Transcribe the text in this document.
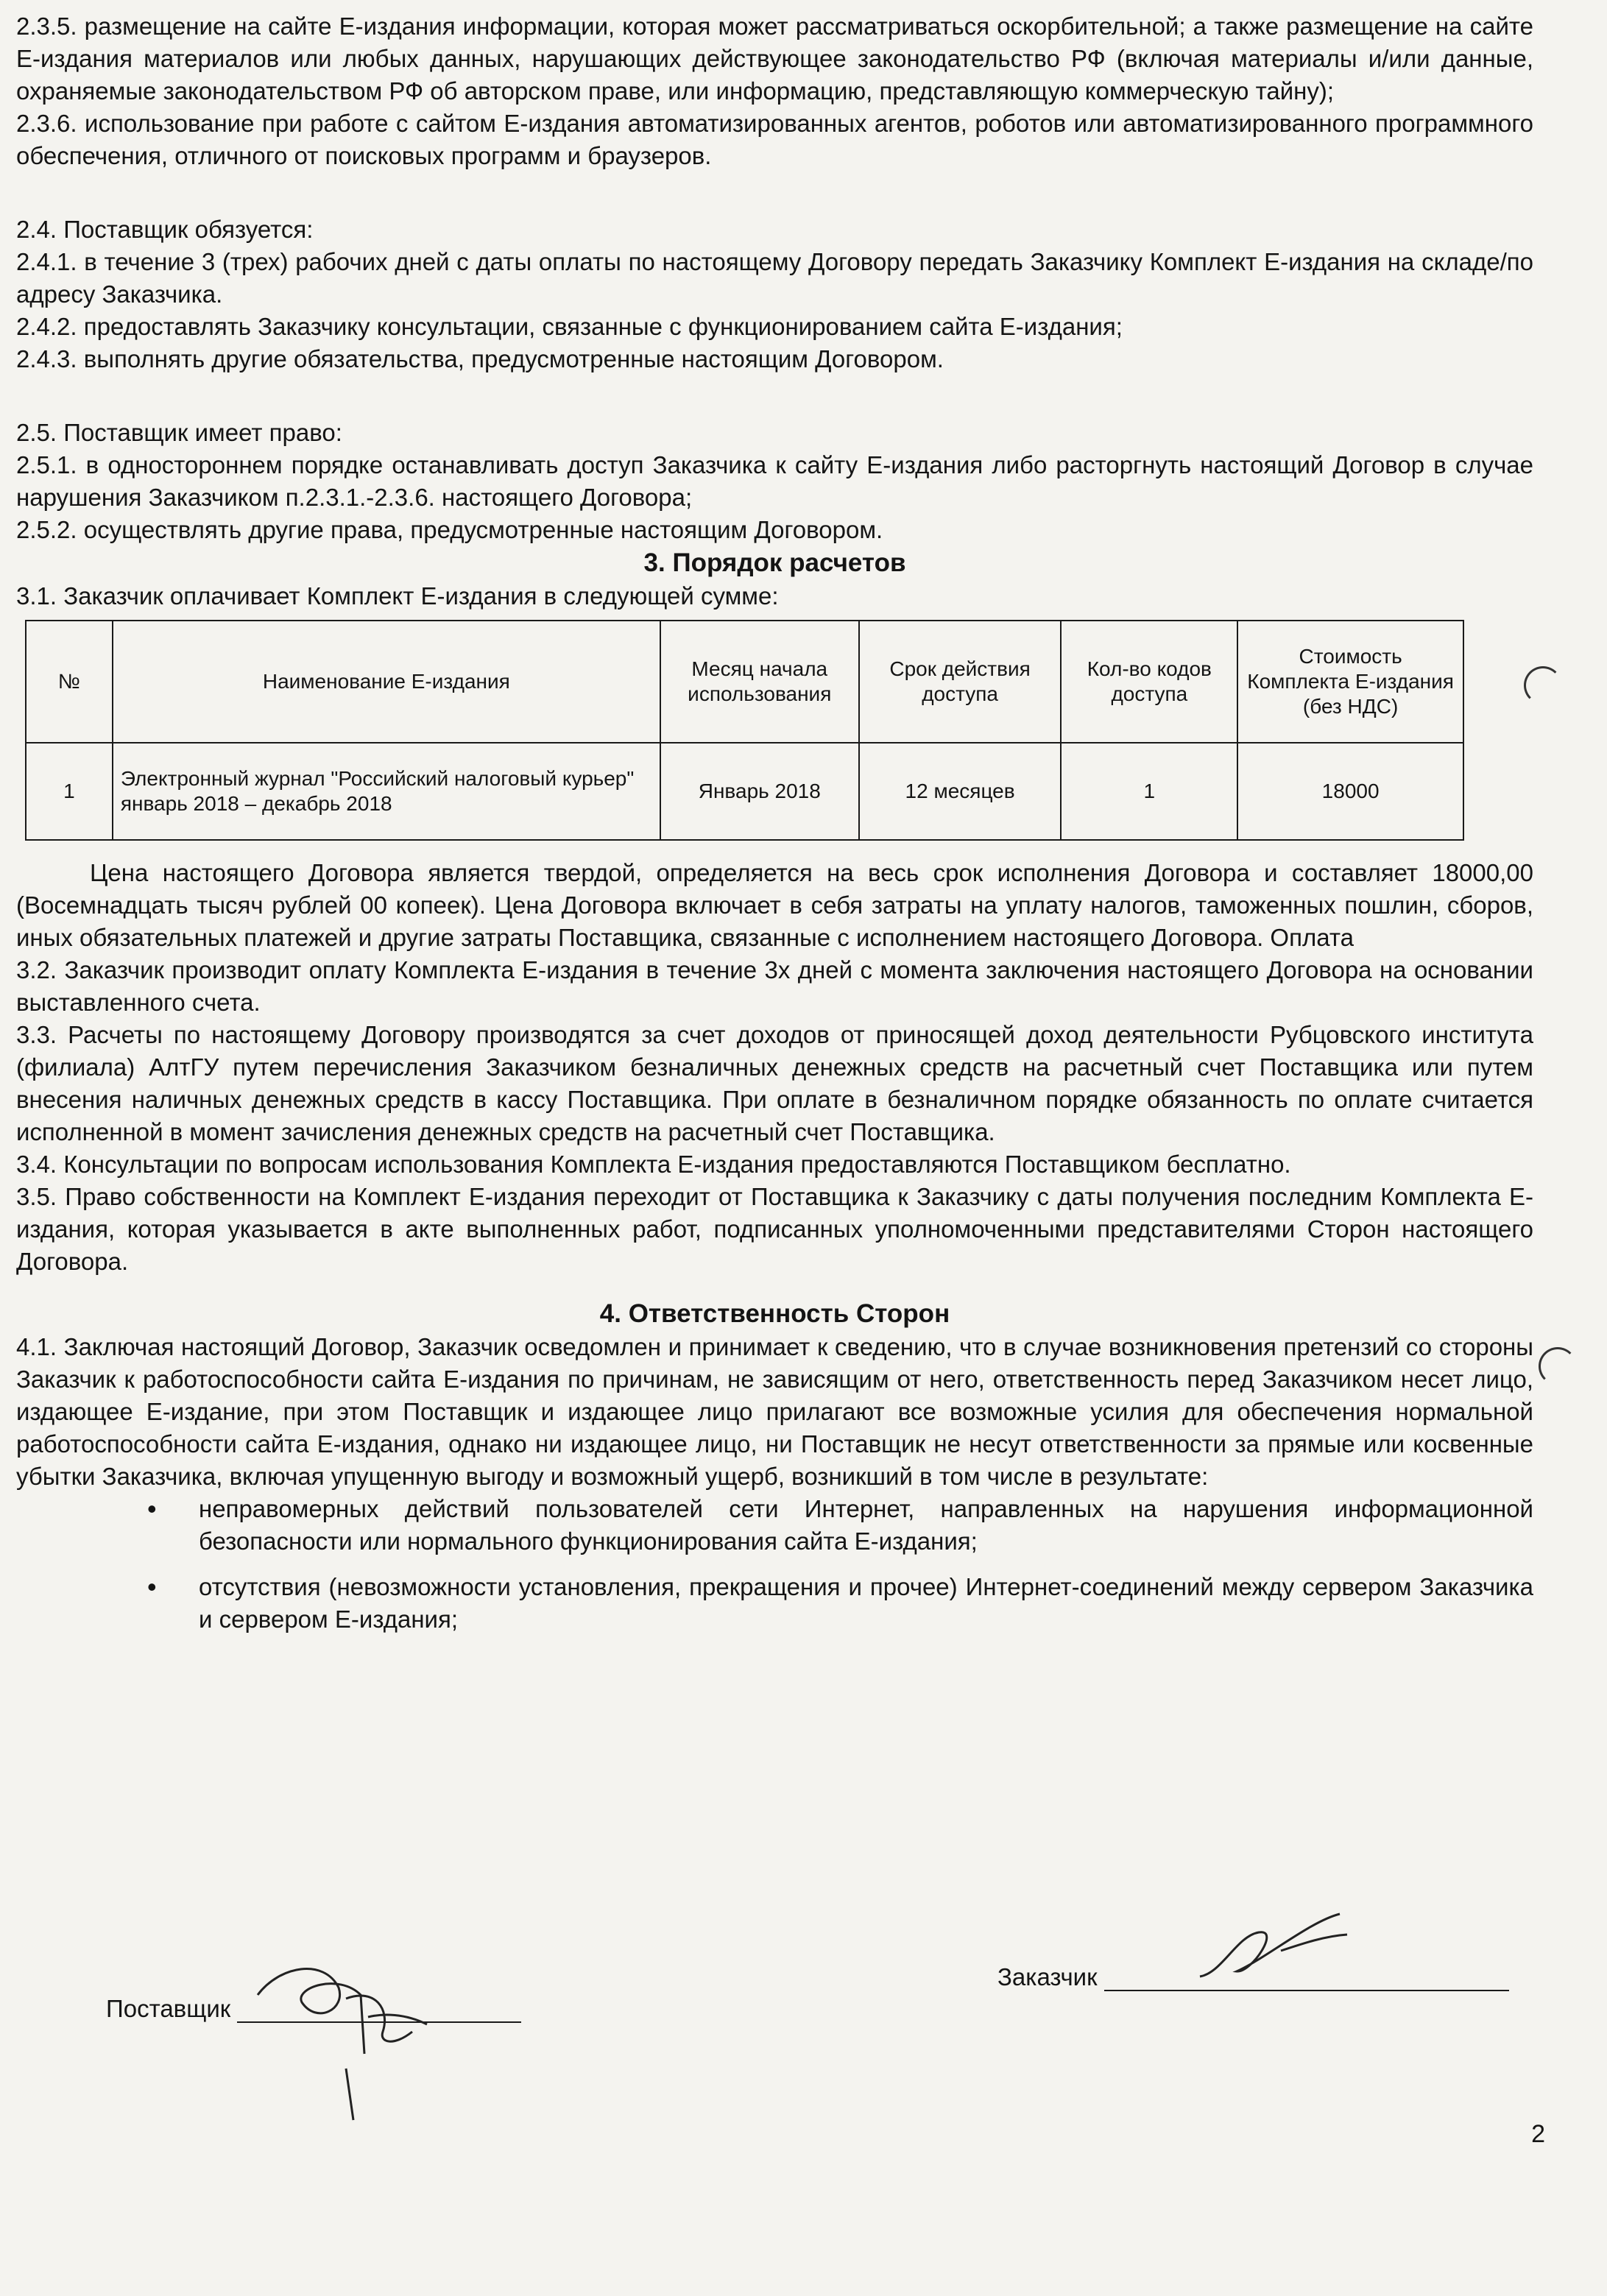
2.3.5. размещение на сайте Е-издания информации, которая может рассматриваться оскорбительной; а также размещение на сайте Е-издания материалов или любых данных, нарушающих действующее законодательство РФ (включая материалы и/или данные, охраняемые законодательством РФ об авторском праве, или информацию, представляющую коммерческую тайну);

2.3.6. использование при работе с сайтом Е-издания автоматизированных агентов, роботов или автоматизированного программного обеспечения, отличного от поисковых программ и браузеров.

2.4. Поставщик обязуется:

2.4.1. в течение 3 (трех) рабочих дней с даты оплаты по настоящему Договору передать Заказчику Комплект Е-издания на складе/по адресу Заказчика.

2.4.2. предоставлять Заказчику консультации, связанные с функционированием сайта Е-издания;

2.4.3. выполнять другие обязательства, предусмотренные настоящим Договором.

2.5. Поставщик имеет право:

2.5.1. в одностороннем порядке останавливать доступ Заказчика к сайту Е-издания либо расторгнуть настоящий Договор в случае нарушения Заказчиком п.2.3.1.-2.3.6. настоящего Договора;

2.5.2. осуществлять другие права, предусмотренные настоящим Договором.

3. Порядок расчетов

3.1. Заказчик оплачивает Комплект Е-издания в следующей сумме:

№	Наименование Е-издания	Месяц начала использования	Срок действия доступа	Кол-во кодов доступа	Стоимость Комплекта Е-издания (без НДС)
1	Электронный журнал "Российский налоговый курьер" январь 2018 – декабрь 2018	Январь 2018	12 месяцев	1	18000

Цена настоящего Договора является твердой, определяется на весь срок исполнения Договора и составляет 18000,00 (Восемнадцать тысяч рублей 00 копеек). Цена Договора включает в себя затраты на уплату налогов, таможенных пошлин, сборов, иных обязательных платежей и другие затраты Поставщика, связанные с исполнением настоящего Договора. Оплата

3.2. Заказчик производит оплату Комплекта Е-издания в течение 3х дней с момента заключения настоящего Договора на основании выставленного счета.

3.3. Расчеты по настоящему Договору производятся за счет доходов от приносящей доход деятельности Рубцовского института (филиала) АлтГУ путем перечисления Заказчиком безналичных денежных средств на расчетный счет Поставщика или путем внесения наличных денежных средств в кассу Поставщика. При оплате в безналичном порядке обязанность по оплате считается исполненной в момент зачисления денежных средств на расчетный счет Поставщика.

3.4. Консультации по вопросам использования Комплекта Е-издания предоставляются Поставщиком бесплатно.

3.5. Право собственности на Комплект Е-издания переходит от Поставщика к Заказчику с даты получения последним Комплекта Е-издания, которая указывается в акте выполненных работ, подписанных уполномоченными представителями Сторон настоящего Договора.

4. Ответственность Сторон

4.1. Заключая настоящий Договор, Заказчик осведомлен и принимает к сведению, что в случае возникновения претензий со стороны Заказчик к работоспособности сайта Е-издания по причинам, не зависящим от него, ответственность перед Заказчиком несет лицо, издающее Е-издание, при этом Поставщик и издающее лицо прилагают все возможные усилия для обеспечения нормальной работоспособности сайта Е-издания, однако ни издающее лицо, ни Поставщик не несут ответственности за прямые или косвенные убытки Заказчика, включая упущенную выгоду и возможный ущерб, возникший в том числе в результате:

• неправомерных действий пользователей сети Интернет, направленных на нарушения информационной безопасности или нормального функционирования сайта Е-издания;
• отсутствия (невозможности установления, прекращения и прочее) Интернет-соединений между сервером Заказчика и сервером Е-издания;
Поставщик
Заказчик
2
